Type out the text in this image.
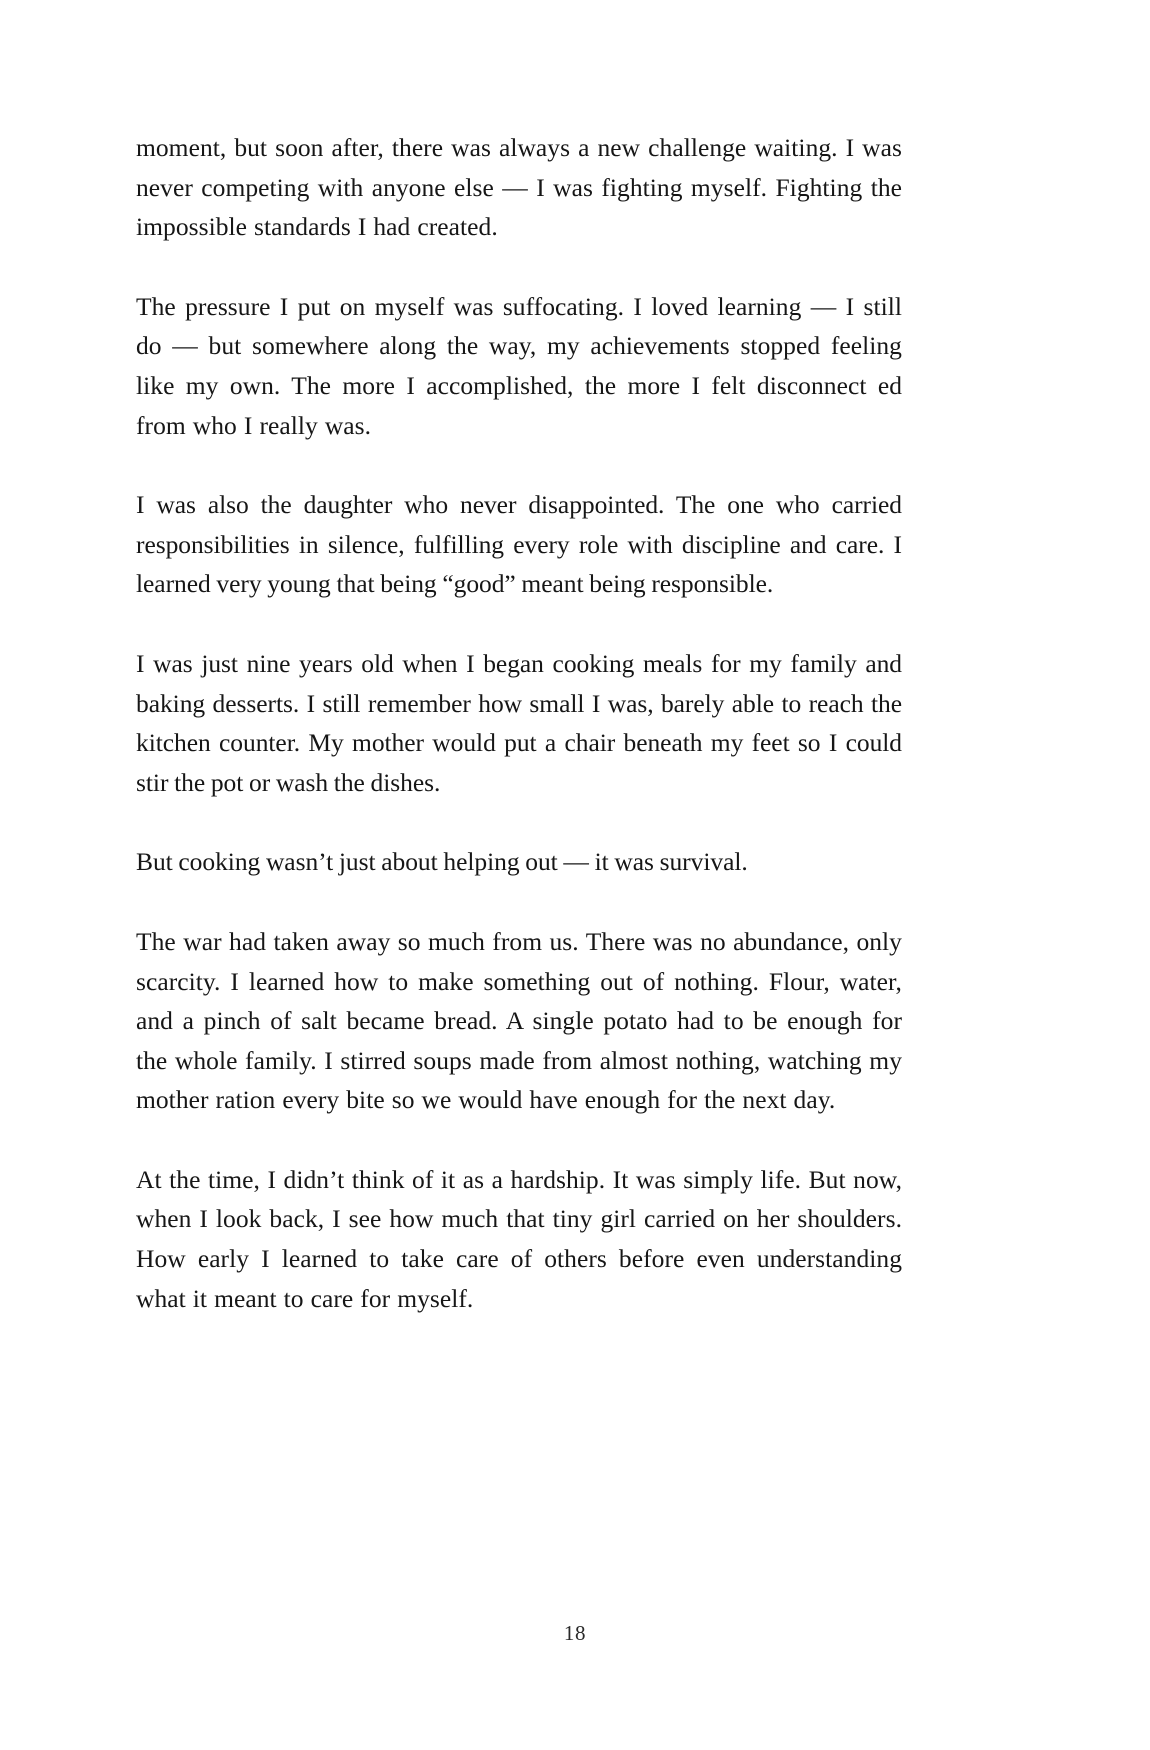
moment, but soon after, there was always a new challenge waiting. I was never competing with anyone else — I was fighting myself. Fighting the impossible standards I had created.

The pressure I put on myself was suffocating. I loved learning — I still do — but somewhere along the way, my achievements stopped feeling like my own. The more I accomplished, the more I felt disconnect ed from who I really was.

I was also the daughter who never disappointed. The one who carried responsibilities in silence, fulfilling every role with discipline and care. I learned very young that being “good” meant being responsible.

I was just nine years old when I began cooking meals for my family and baking desserts. I still remember how small I was, barely able to reach the kitchen counter. My mother would put a chair beneath my feet so I could stir the pot or wash the dishes.

But cooking wasn’t just about helping out — it was survival.

The war had taken away so much from us. There was no abundance, only scarcity. I learned how to make something out of nothing. Flour, water, and a pinch of salt became bread. A single potato had to be enough for the whole family. I stirred soups made from almost nothing, watching my mother ration every bite so we would have enough for the next day.

At the time, I didn’t think of it as a hardship. It was simply life. But now, when I look back, I see how much that tiny girl carried on her shoulders. How early I learned to take care of others before even understanding what it meant to care for myself.

18
